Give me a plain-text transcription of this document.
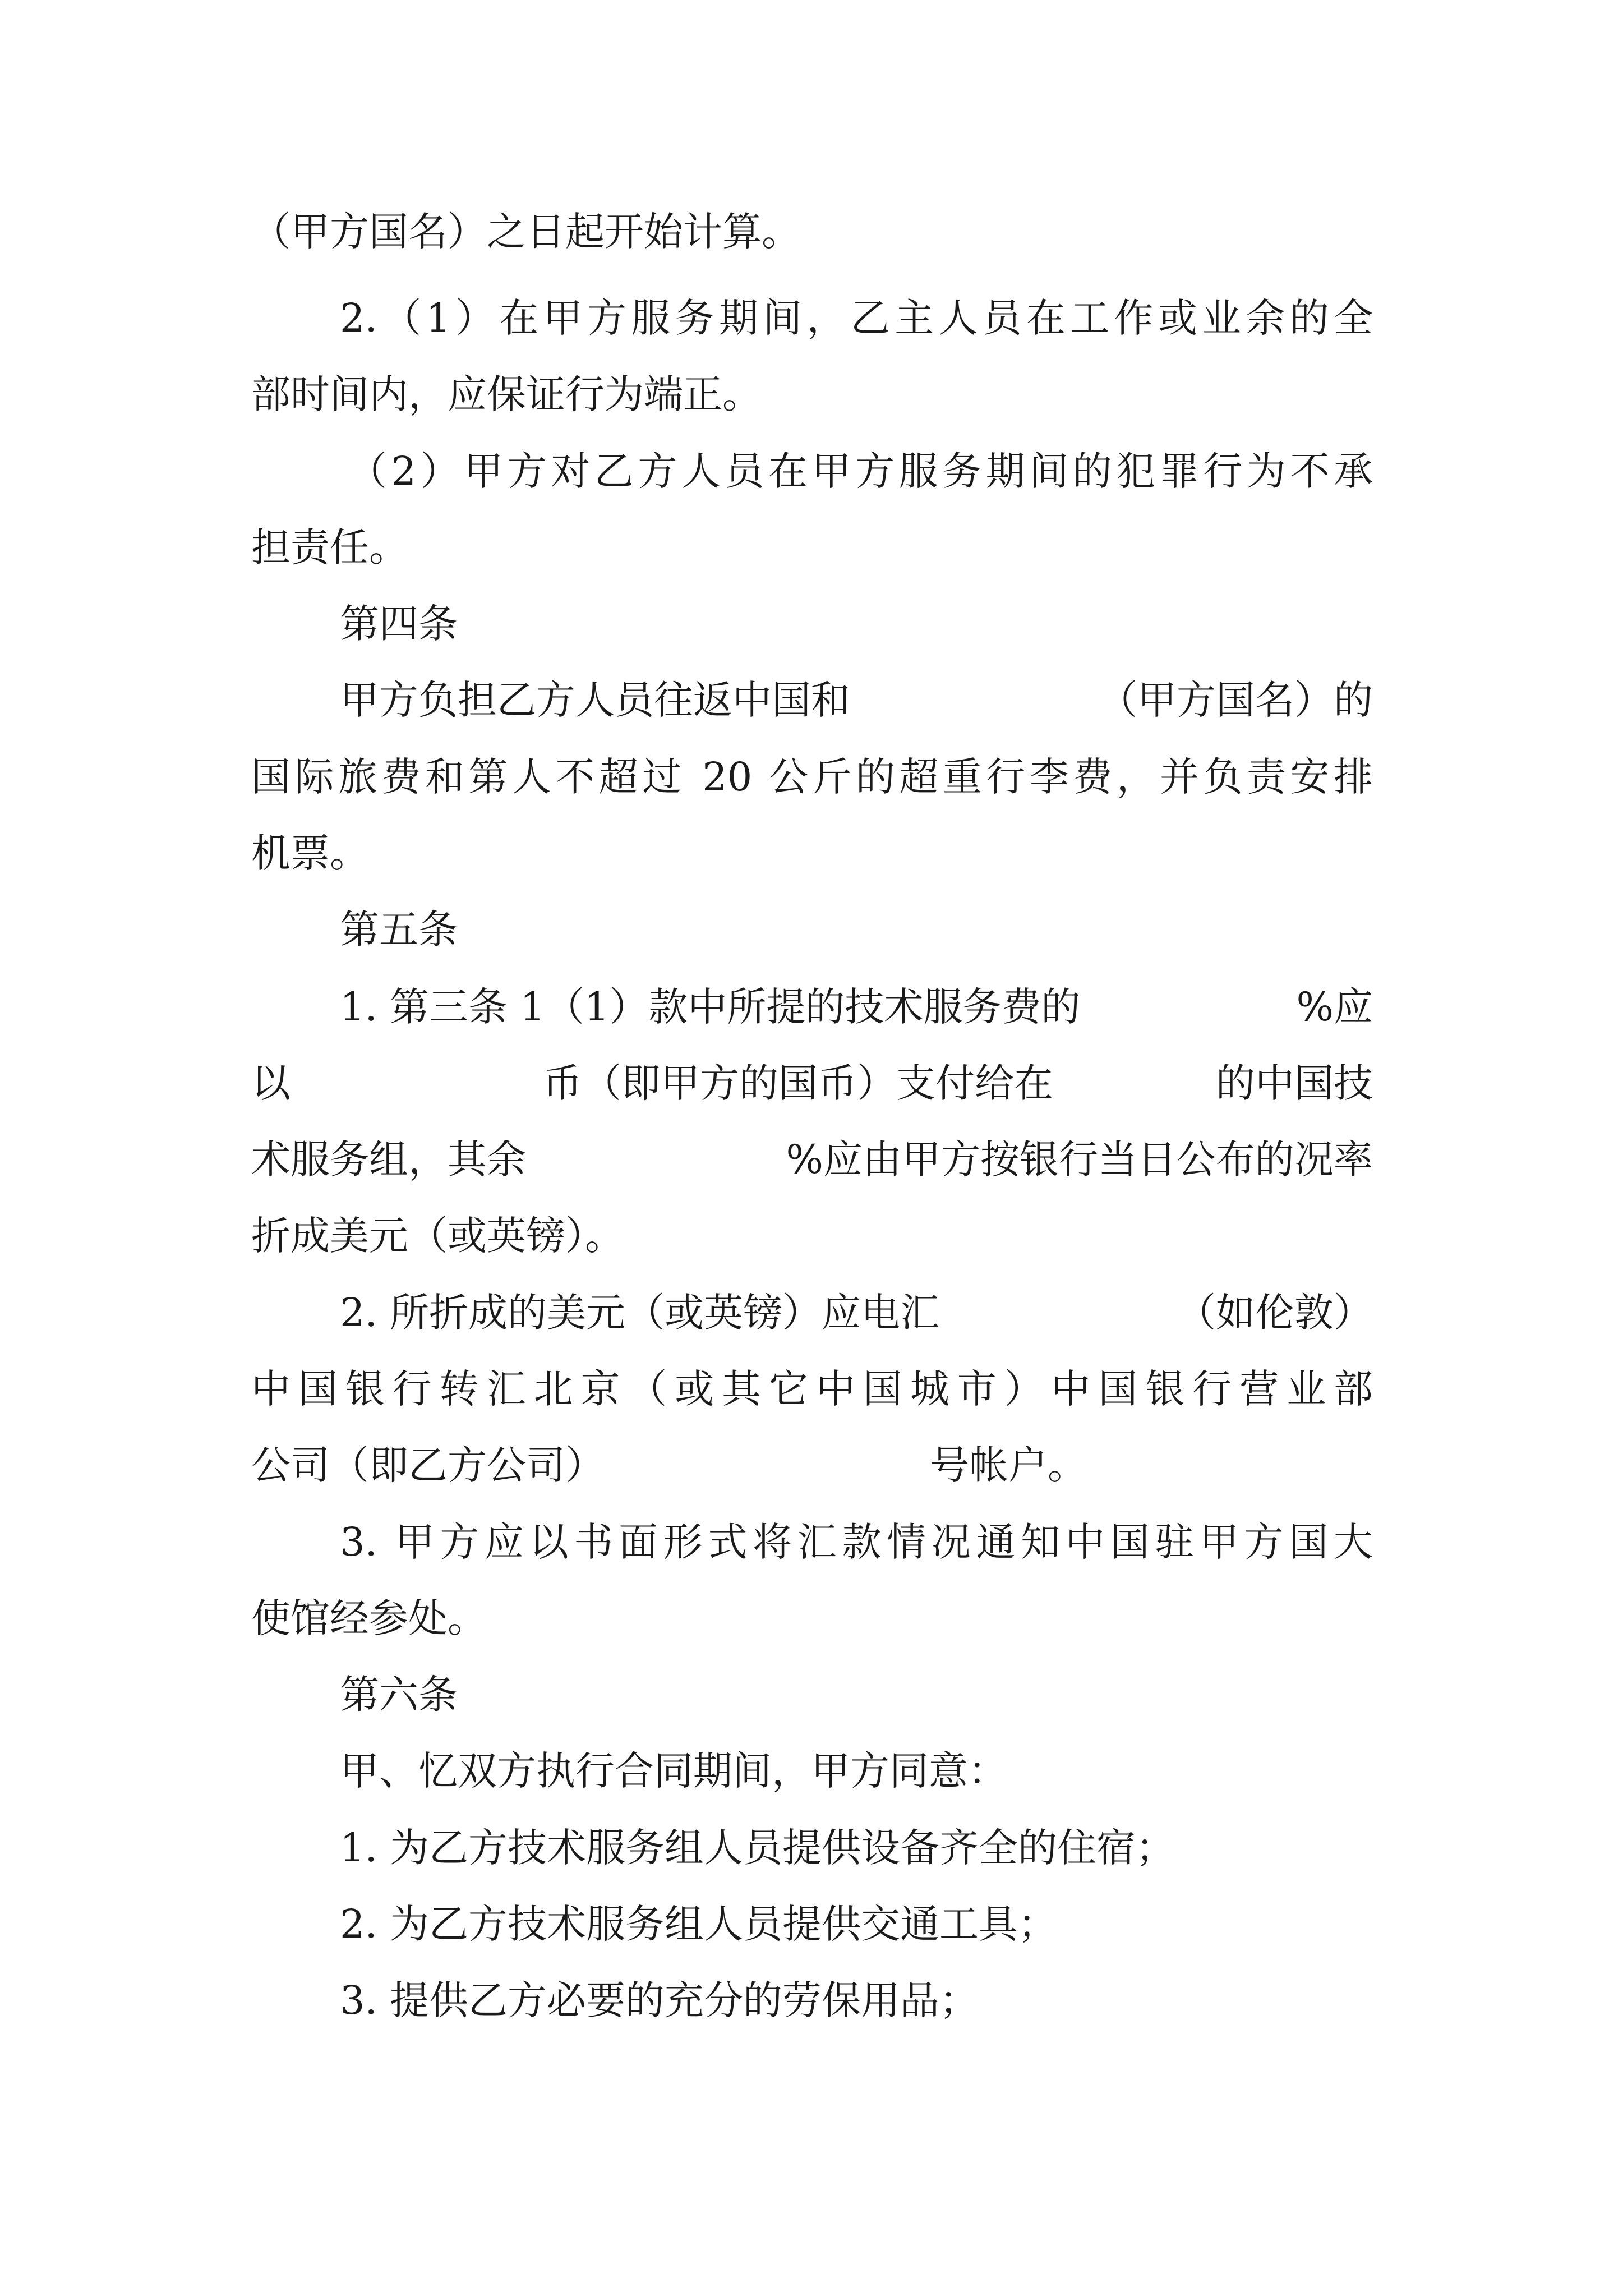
（甲方国名）之日起开始计算。
2.（1）在甲方服务期间，乙主人员在工作或业余的全
部时间内，应保证行为端正。
（2）甲方对乙方人员在甲方服务期间的犯罪行为不承
担责任。
第四条
甲方负担乙方人员往返中国和	（甲方国名）的
国际旅费和第人不超过 20 公斤的超重行李费，并负责安排
机票。
第五条
1. 第三条 1（1）款中所提的技术服务费的	%应
以	币（即甲方的国币）支付给在	的中国技
术服务组，其余	%应由甲方按银行当日公布的况率
折成美元（或英镑）。
2. 所折成的美元（或英镑）应电汇	（如伦敦）
中国银行转汇北京（或其它中国城市）中国银行营业部
公司（即乙方公司）	号帐户。
3. 甲方应以书面形式将汇款情况通知中国驻甲方国大
使馆经参处。
第六条
甲、忆双方执行合同期间，甲方同意：
1. 为乙方技术服务组人员提供设备齐全的住宿；
2. 为乙方技术服务组人员提供交通工具；
3. 提供乙方必要的充分的劳保用品；
